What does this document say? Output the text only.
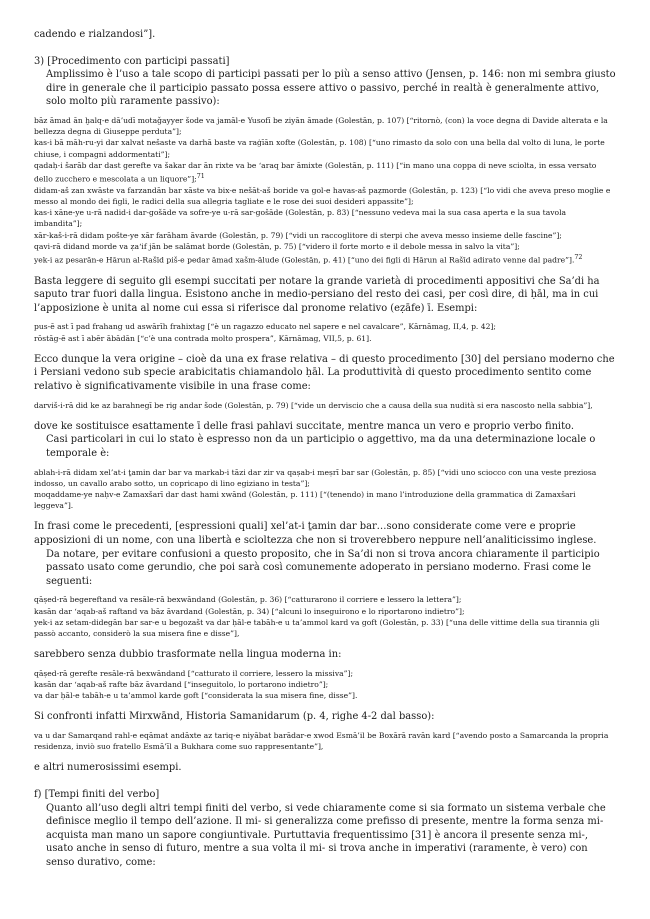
cadendo e rialzandosi”].

3) [Procedimento con participi passati]

Amplissimo è l’uso a tale scopo di participi passati per lo più a senso attivo (Jensen, p. 146: non mi sembra giusto dire in generale che il participio passato possa essere attivo o passivo, perché in realtà è generalmente attivo, solo molto più raramente passivo):

bāz āmad ān ḫalq-e dā’udī motaǧayyer šode va jamāl-e Yusofī be ziyān āmade (Golestān, p. 107) [“ritornò, (con) la voce degna di Davide alterata e la bellezza degna di Giuseppe perduta”];

kas-i bā māh-ru-yi dar xalvat nešaste va darhā baste va raġīān xofte (Golestān, p. 108) [“uno rimasto da solo con una bella dal volto di luna, le porte chiuse, i compagni addormentati”];

qadaḥ-i šarāb dar dast gerefte va šakar dar ān rixte va be ‘araq bar āmixte (Golestān, p. 111) [“in mano una coppa di neve sciolta, in essa versato dello zucchero e mescolata a un liquore”];$^{71}$

didam-aš zan xwāste va farzandān bar xāste va bix-e nešāt-aš boride va gol-e havas-aš paẓmorde (Golestān, p. 123) [“lo vidi che aveva preso moglie e messo al mondo dei figli, le radici della sua allegria tagliate e le rose dei suoi desideri appassite”];

kas-i xāne-ye u-rā nadid-i dar-gošāde va sofre-ye u-rā sar-gošāde (Golestān, p. 83) [“nessuno vedeva mai la sua casa aperta e la sua tavola imbandita”];

xār-kaš-i-rā didam pošte-ye xār farāham āvarde (Golestān, p. 79) [“vidi un raccoglitore di sterpi che aveva messo insieme delle fascine”];

qavi-rā didand morde va ẓa‘if jān be salāmat borde (Golestān, p. 75) [“videro il forte morto e il debole messa in salvo la vita”];

yek-i az pesarān-e Hārun al-Rašīd piš-e pedar āmad xašm-ālude (Golestān, p. 41) [“uno dei figli di Hārun al Rašīd adirato venne dal padre”].$^{72}$

Basta leggere di seguito gli esempi succitati per notare la grande varietà di procedimenti appositivi che Sa’di ha saputo trar fuori dalla lingua. Esistono anche in medio-persiano del resto dei casi, per così dire, di ḥāl, ma in cui l’apposizione è unita al nome cui essa si riferisce dal pronome relativo (eẓāfe) ī. Esempi:

pus-ē ast ī pad frahang ud aswārīh frahixtag [“è un ragazzo educato nel sapere e nel cavalcare”, Kārnāmag, II,4, p. 42];

rōstāg-ē ast ī abēr ābādān [“c’è una contrada molto prospera”, Kārnāmag, VII,5, p. 61].

Ecco dunque la vera origine – cioè da una ex frase relativa – di questo procedimento [30] del persiano moderno che i Persiani vedono sub specie arabicitatis chiamandolo ḥāl. La produttività di questo procedimento sentito come relativo è significativamente visibile in una frase come:

darviš-i-rā did ke az barahnegī be rig andar šode (Golestān, p. 79) [“vide un derviscio che a causa della sua nudità si era nascosto nella sabbia”],

dove ke sostituisce esattamente ī delle frasi pahlavi succitate, mentre manca un vero e proprio verbo finito.

Casi particolari in cui lo stato è espresso non da un participio o aggettivo, ma da una determinazione locale o temporale è:

ablah-i-rā didam xel’at-i ṯamin dar bar va markab-i tāzi dar zir va qaṣab-i meṣrī bar sar (Golestān, p. 85) [“vidi uno sciocco con una veste preziosa indosso, un cavallo arabo sotto, un copricapo di lino egiziano in testa”];

moqaddame-ye naḥv-e Zamaxšarī dar dast hami xwānd (Golestān, p. 111) [“(tenendo) in mano l’introduzione della grammatica di Zamaxšari leggeva”].

In frasi come le precedenti, [espressioni quali] xel’at-i ṯamin dar bar…sono considerate come vere e proprie apposizioni di un nome, con una libertà e scioltezza che non si troverebbero neppure nell’analiticissimo inglese.

Da notare, per evitare confusioni a questo proposito, che in Sa’di non si trova ancora chiaramente il participio passato usato come gerundio, che poi sarà così comunemente adoperato in persiano moderno. Frasi come le seguenti:

qāṣed-rā begereftand va resāle-rā bexwāndand (Golestān, p. 36) [“catturarono il corriere e lessero la lettera”];

kasān dar ‘aqab-aš raftand va bāz āvardand (Golestān, p. 34) [“alcuni lo inseguirono e lo riportarono indietro”];

yek-i az setam-didegān bar sar-e u begozašt va dar ḥāl-e tabāh-e u ta’ammol kard va goft (Golestān, p. 33) [“una delle vittime della sua tirannia gli passò accanto, considerò la sua misera fine e disse”],

sarebbero senza dubbio trasformate nella lingua moderna in:

qāṣed-rā gerefte resāle-rā bexwāndand [“catturato il corriere, lessero la missiva”];

kasān dar ‘aqab-aš rafte bāz āvardand [“inseguitolo, lo portarono indietro”];

va dar ḥāl-e tabāh-e u ta’ammol karde goft [“considerata la sua misera fine, disse”].

Si confronti infatti Mirxwānd, Historia Samanidarum (p. 4, righe 4-2 dal basso):

va u dar Samarqand rahl-e eqāmat andāxte az tariq-e niyābat barādar-e xwod Esmā’il be Boxārā ravān kard [“avendo posto a Samarcanda la propria residenza, inviò suo fratello Esmā’īl a Bukhara come suo rappresentante”],

e altri numerosissimi esempi.

f) [Tempi finiti del verbo]

Quanto all’uso degli altri tempi finiti del verbo, si vede chiaramente come si sia formato un sistema verbale che definisce meglio il tempo dell’azione. Il mi- si generalizza come prefisso di presente, mentre la forma senza mi- acquista man mano un sapore congiuntivale. Purtuttavia frequentissimo [31] è ancora il presente senza mi-, usato anche in senso di futuro, mentre a sua volta il mi- si trova anche in imperativi (raramente, è vero) con senso durativo, come:
